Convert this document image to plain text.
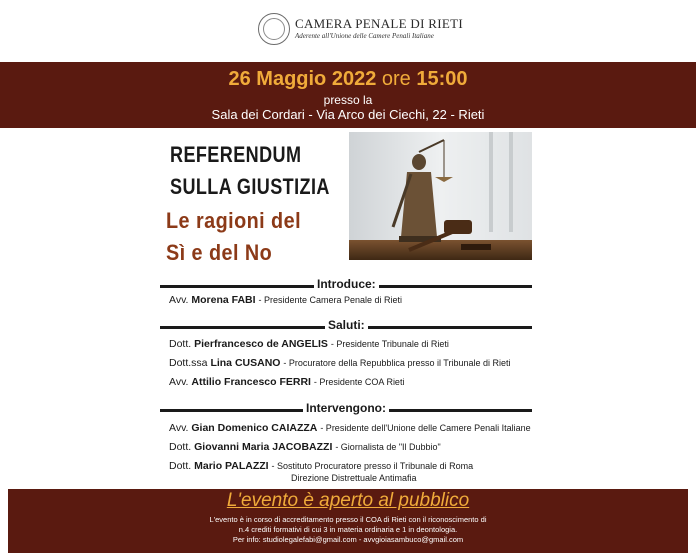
CAMERA PENALE DI RIETI
Aderente all'Unione delle Camere Penali Italiane
26 Maggio 2022 ore 15:00
presso la
Sala dei Cordari - Via Arco dei Ciechi, 22 - Rieti
REFERENDUM
SULLA GIUSTIZIA
Le ragioni del
Sì e del No
Introduce:
Avv. Morena FABI - Presidente Camera Penale di Rieti
Saluti:
Dott. Pierfrancesco de ANGELIS - Presidente Tribunale di Rieti
Dott.ssa Lina CUSANO - Procuratore della Repubblica presso il Tribunale di Rieti
Avv. Attilio Francesco FERRI - Presidente COA Rieti
Intervengono:
Avv. Gian Domenico CAIAZZA - Presidente dell'Unione delle Camere Penali Italiane
Dott. Giovanni Maria JACOBAZZI - Giornalista de "Il Dubbio"
Dott. Mario PALAZZI - Sostituto Procuratore presso il Tribunale di Roma
Direzione Distrettuale Antimafia
L'evento è aperto al pubblico
L'evento è in corso di accreditamento presso il COA di Rieti con il riconoscimento di
n.4 crediti formativi di cui 3 in materia ordinaria e 1 in deontologia.
Per info: studiolegalefabi@gmail.com - avvgioiasambuco@gmail.com
